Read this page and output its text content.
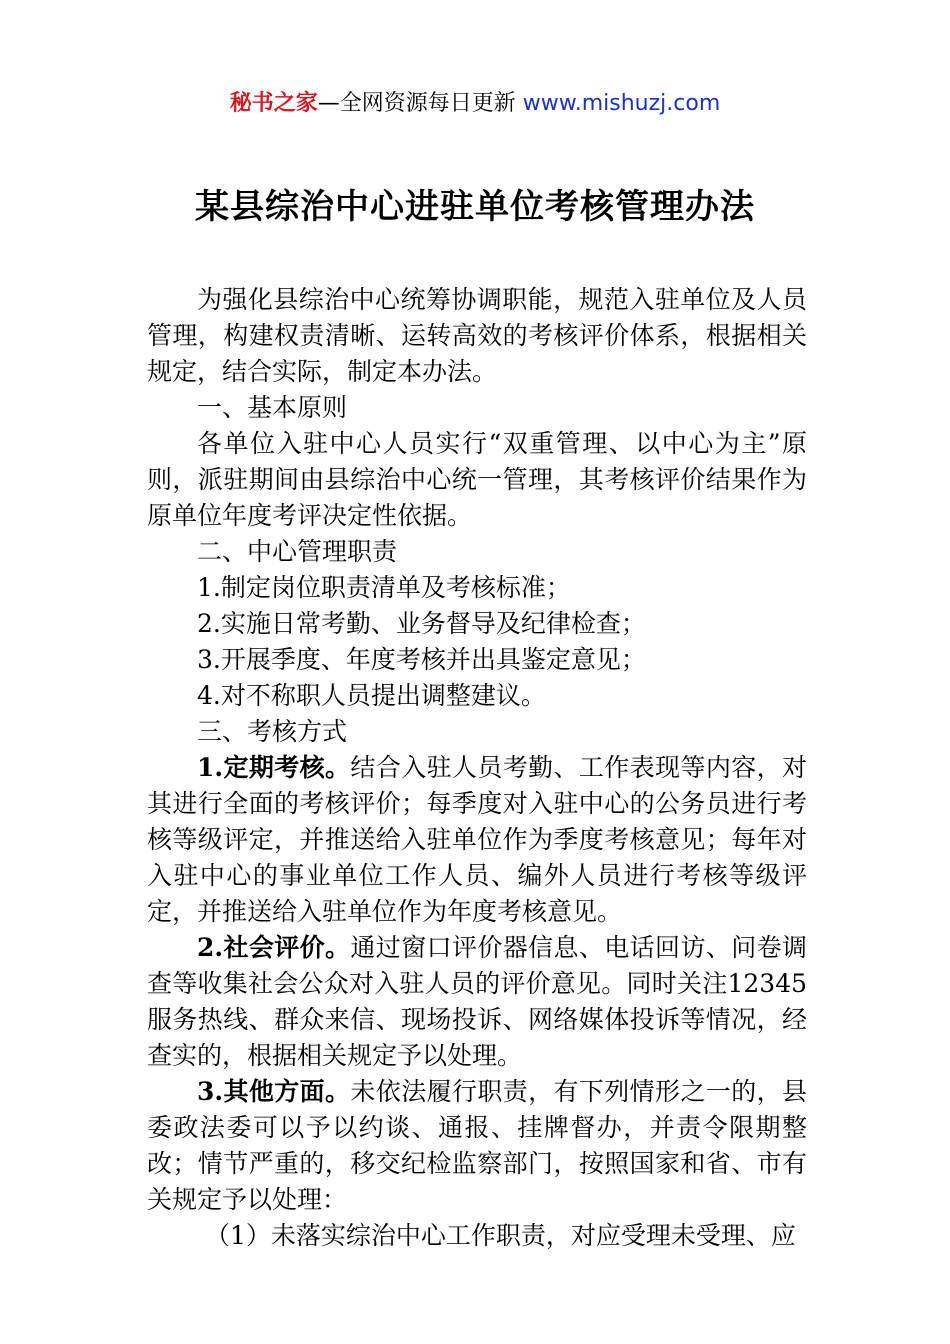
秘书之家—全网资源每日更新 www.mishuzj.com
某县综治中心进驻单位考核管理办法

为强化县综治中心统筹协调职能，规范入驻单位及人员管理，构建权责清晰、运转高效的考核评价体系，根据相关规定，结合实际，制定本办法。

一、基本原则

各单位入驻中心人员实行“双重管理、以中心为主”原则，派驻期间由县综治中心统一管理，其考核评价结果作为原单位年度考评决定性依据。

二、中心管理职责

1.制定岗位职责清单及考核标准；

2.实施日常考勤、业务督导及纪律检查；

3.开展季度、年度考核并出具鉴定意见；

4.对不称职人员提出调整建议。

三、考核方式

1.定期考核。结合入驻人员考勤、工作表现等内容，对其进行全面的考核评价；每季度对入驻中心的公务员进行考核等级评定，并推送给入驻单位作为季度考核意见；每年对入驻中心的事业单位工作人员、编外人员进行考核等级评定，并推送给入驻单位作为年度考核意见。

2.社会评价。通过窗口评价器信息、电话回访、问卷调查等收集社会公众对入驻人员的评价意见。同时关注12345服务热线、群众来信、现场投诉、网络媒体投诉等情况，经查实的，根据相关规定予以处理。

3.其他方面。未依法履行职责，有下列情形之一的，县委政法委可以予以约谈、通报、挂牌督办，并责令限期整改；情节严重的，移交纪检监察部门，按照国家和省、市有关规定予以处理：

（1）未落实综治中心工作职责，对应受理未受理、应
